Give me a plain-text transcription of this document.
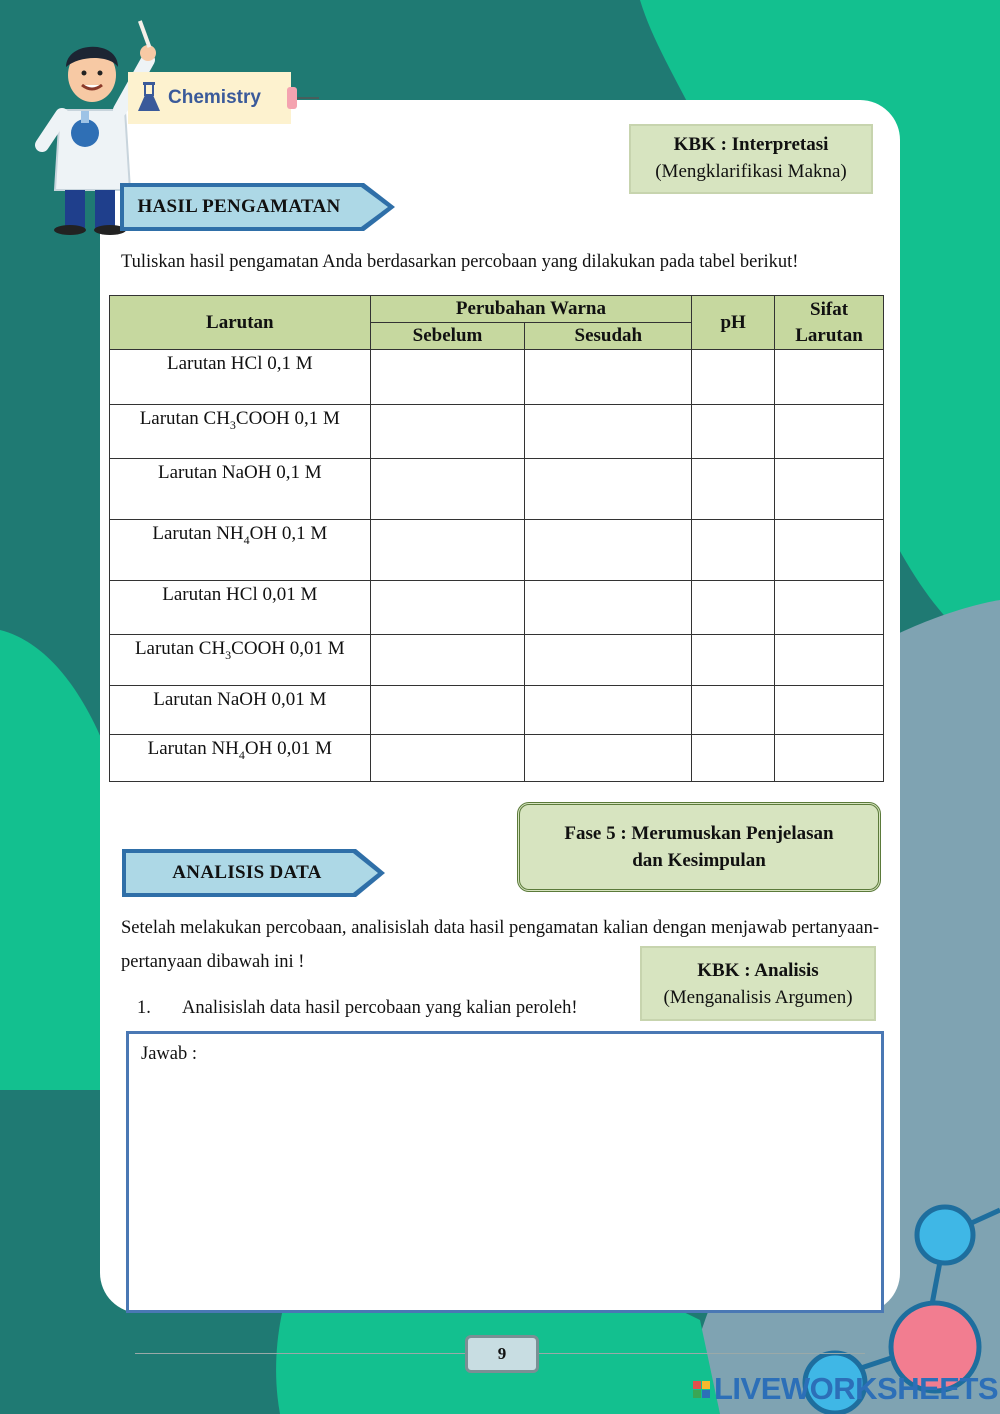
Chemistry
KBK : Interpretasi
(Mengklarifikasi Makna)
HASIL PENGAMATAN
Tuliskan hasil pengamatan Anda berdasarkan percobaan yang dilakukan pada tabel berikut!
Larutan	Perubahan Warna		pH	Sifat Larutan
	Sebelum	Sesudah		
Larutan HCl 0,1 M				
Larutan $CH_3COOH$ 0,1 M				
Larutan NaOH 0,1 M				
Larutan $NH_4OH$ 0,1 M				
Larutan HCl 0,01 M				
Larutan $CH_3COOH$ 0,01 M				
Larutan NaOH 0,01 M				
Larutan $NH_4OH$ 0,01 M				
Fase 5 : Merumuskan Penjelasan
dan Kesimpulan
ANALISIS DATA
Setelah melakukan percobaan, analisislah data hasil pengamatan kalian dengan menjawab pertanyaan-pertanyaan dibawah ini !	KBK : Analisis
(Menganalisis Argumen)
1. Analisislah data hasil percobaan yang kalian peroleh!
Jawab :
9
LIVEWORKSHEETS
